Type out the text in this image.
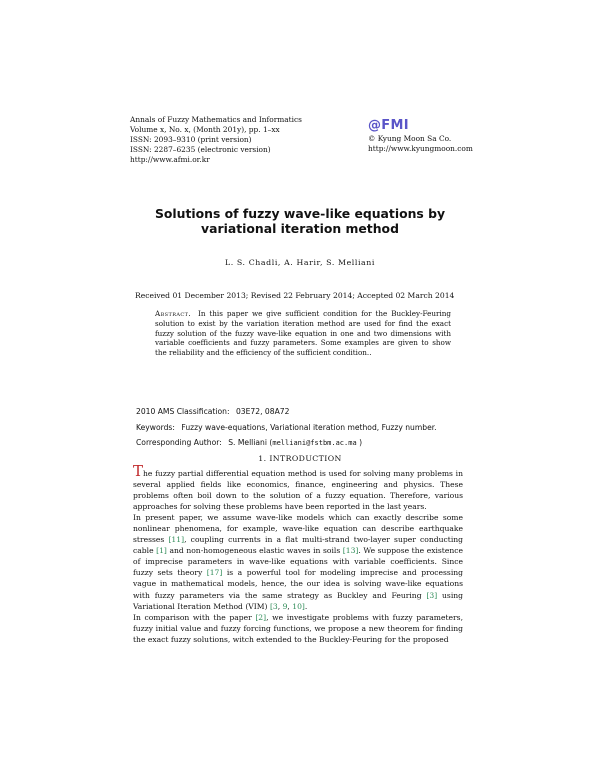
Annals of Fuzzy Mathematics and Informatics
Volume x, No. x, (Month 201y), pp. 1–xx
ISSN: 2093–9310 (print version)
ISSN: 2287–6235 (electronic version)
http://www.afmi.or.kr
@FMI
© Kyung Moon Sa Co.
http://www.kyungmoon.com
Solutions of fuzzy wave-like equations by
variational iteration method
L. S. Chadli, A. Harir, S. Melliani
Received 01 December 2013; Revised 22 February 2014; Accepted 02 March 2014
Abstract. In this paper we give sufficient condition for the Buckley-Feuring solution to exist by the variation iteration method are used for find the exact fuzzy solution of the fuzzy wave-like equation in one and two dimensions with variable coefficients and fuzzy parameters. Some examples are given to show the reliability and the efficiency of the sufficient condition..
2010 AMS Classification: 03E72, 08A72
Keywords: Fuzzy wave-equations, Variational iteration method, Fuzzy number.
Corresponding Author: S. Melliani (melliani@fstbm.ac.ma )
1. INTRODUCTION

The fuzzy partial differential equation method is used for solving many problems in several applied fields like economics, finance, engineering and physics. These problems often boil down to the solution of a fuzzy equation. Therefore, various approaches for solving these problems have been reported in the last years.

In present paper, we assume wave-like models which can exactly describe some nonlinear phenomena, for example, wave-like equation can describe earthquake stresses [11], coupling currents in a flat multi-strand two-layer super conducting cable [1] and non-homogeneous elastic waves in soils [13]. We suppose the existence of imprecise parameters in wave-like equations with variable coefficients. Since fuzzy sets theory [17] is a powerful tool for modeling imprecise and processing vague in mathematical models, hence, the our idea is solving wave-like equations with fuzzy parameters via the same strategy as Buckley and Feuring [3] using Variational Iteration Method (VIM) [3, 9, 10].

In comparison with the paper [2], we investigate problems with fuzzy parameters, fuzzy initial value and fuzzy forcing functions, we propose a new theorem for finding the exact fuzzy solutions, witch extended to the Buckley-Feuring for the proposed
